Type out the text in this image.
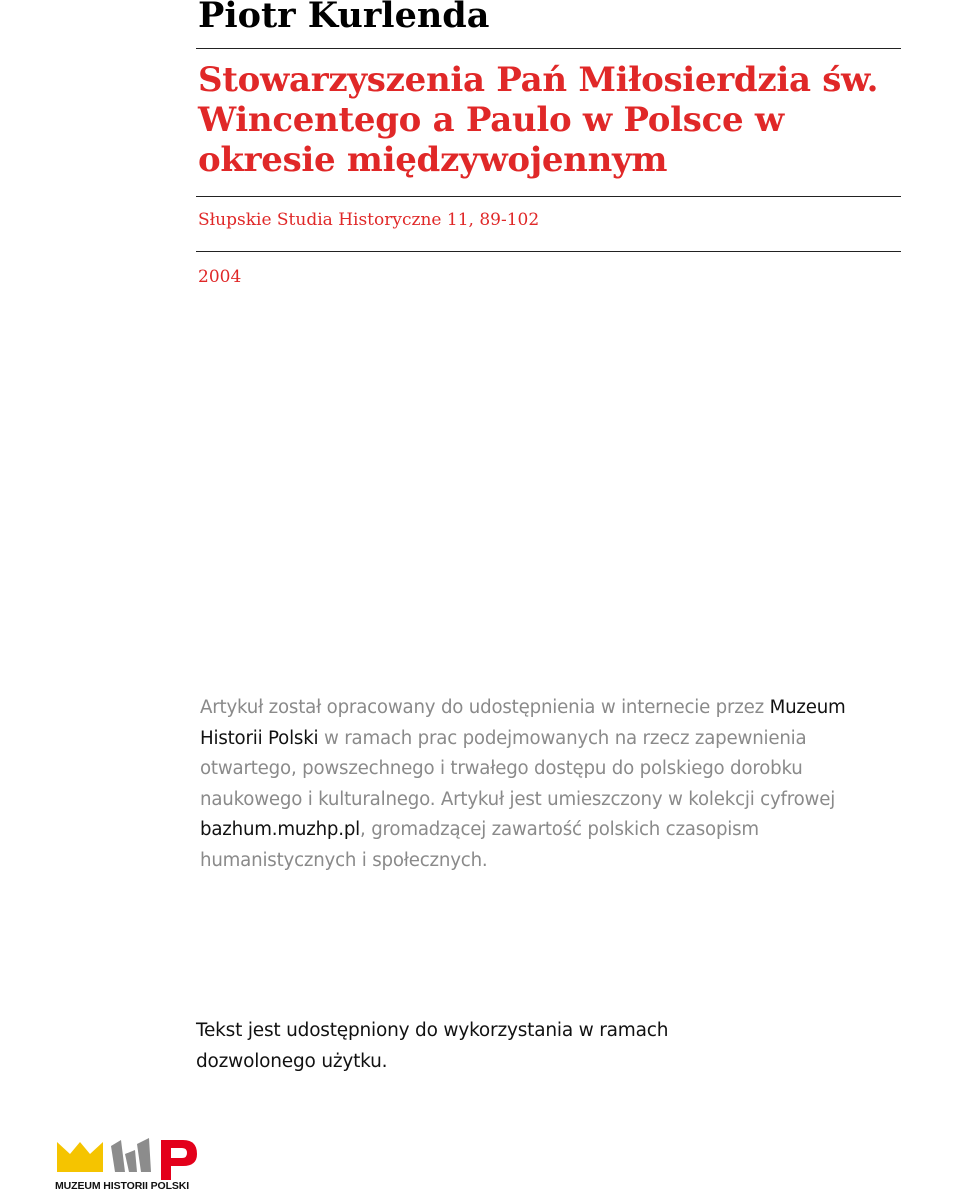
Piotr Kurlenda
Stowarzyszenia Pań Miłosierdzia św. Wincentego a Paulo w Polsce w okresie międzywojennym
Słupskie Studia Historyczne 11, 89-102
2004

Artykuł został opracowany do udostępnienia w internecie przez Muzeum Historii Polski w ramach prac podejmowanych na rzecz zapewnienia otwartego, powszechnego i trwałego dostępu do polskiego dorobku naukowego i kulturalnego. Artykuł jest umieszczony w kolekcji cyfrowej bazhum.muzhp.pl, gromadzącej zawartość polskich czasopism humanistycznych i społecznych.

Tekst jest udostępniony do wykorzystania w ramach dozwolonego użytku.

MUZEUM HISTORII POLSKI
